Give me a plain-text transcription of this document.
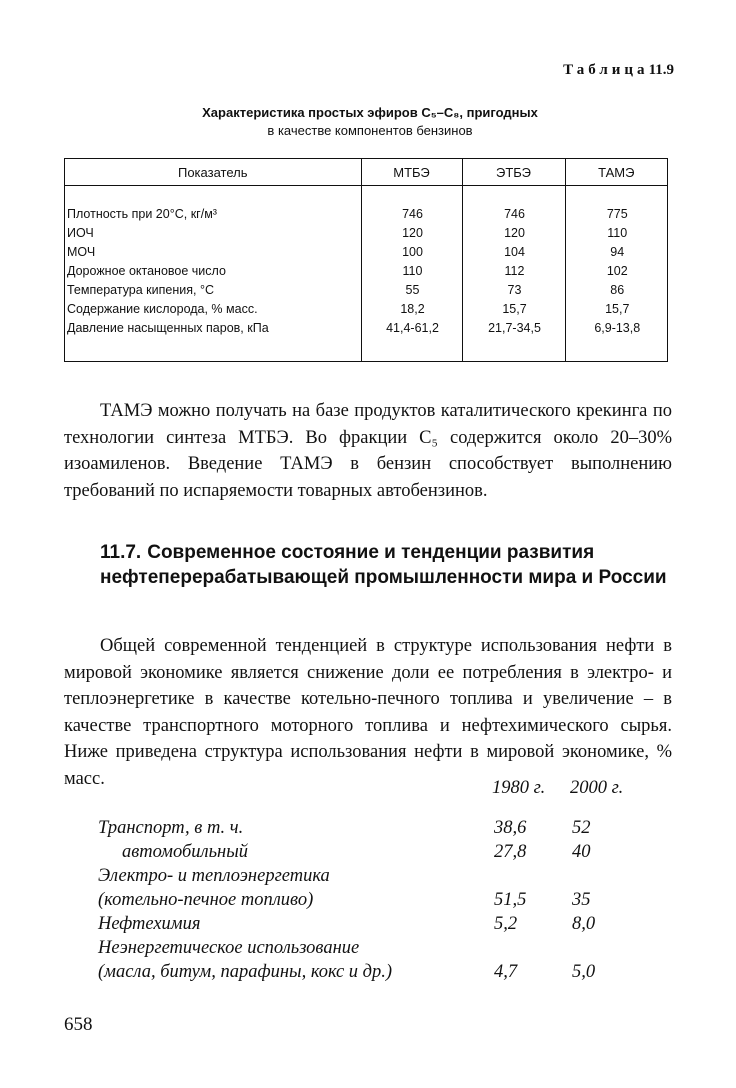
Таблица11.9
Характеристика простых эфиров C₅–C₈, пригодных
в качестве компонентов бензинов
Показатель	МТБЭ	ЭТБЭ	ТАМЭ

Плотность при 20°С, кг/м³	746	746	775
ИОЧ	120	120	110
МОЧ	100	104	94
Дорожное октановое число	110	112	102
Температура кипения, °С	55	73	86
Содержание кислорода, % масс.	18,2	15,7	15,7
Давление насыщенных паров, кПа	41,4-61,2	21,7-34,5	6,9-13,8

ТАМЭ можно получать на базе продуктов каталитического крекинга по технологии синтеза МТБЭ. Во фракции C₅ содержится около 20–30% изоамиленов. Введение ТАМЭ в бензин способствует выполнению требований по испаряемости товарных автобензинов.
11.7. Современное состояние и тенденции развития нефтеперерабатывающей промышленности мира и России
Общей современной тенденцией в структуре использования нефти в мировой экономике является снижение доли ее потребления в электро- и теплоэнергетике в качестве котельно-печного топлива и увеличение – в качестве транспортного моторного топлива и нефтехимического сырья. Ниже приведена структура использования нефти в мировой экономике, % масс.	1980 г. 2000 г.
Транспорт, в т. ч.	38,6 52
автомобильный	27,8 40
Электро- и теплоэнергетика
(котельно-печное топливо)	51,5 35
Нефтехимия	5,2	8,0
Неэнергетическое использование
(масла, битум, парафины, кокс и др.)	4,7	5,0
658
